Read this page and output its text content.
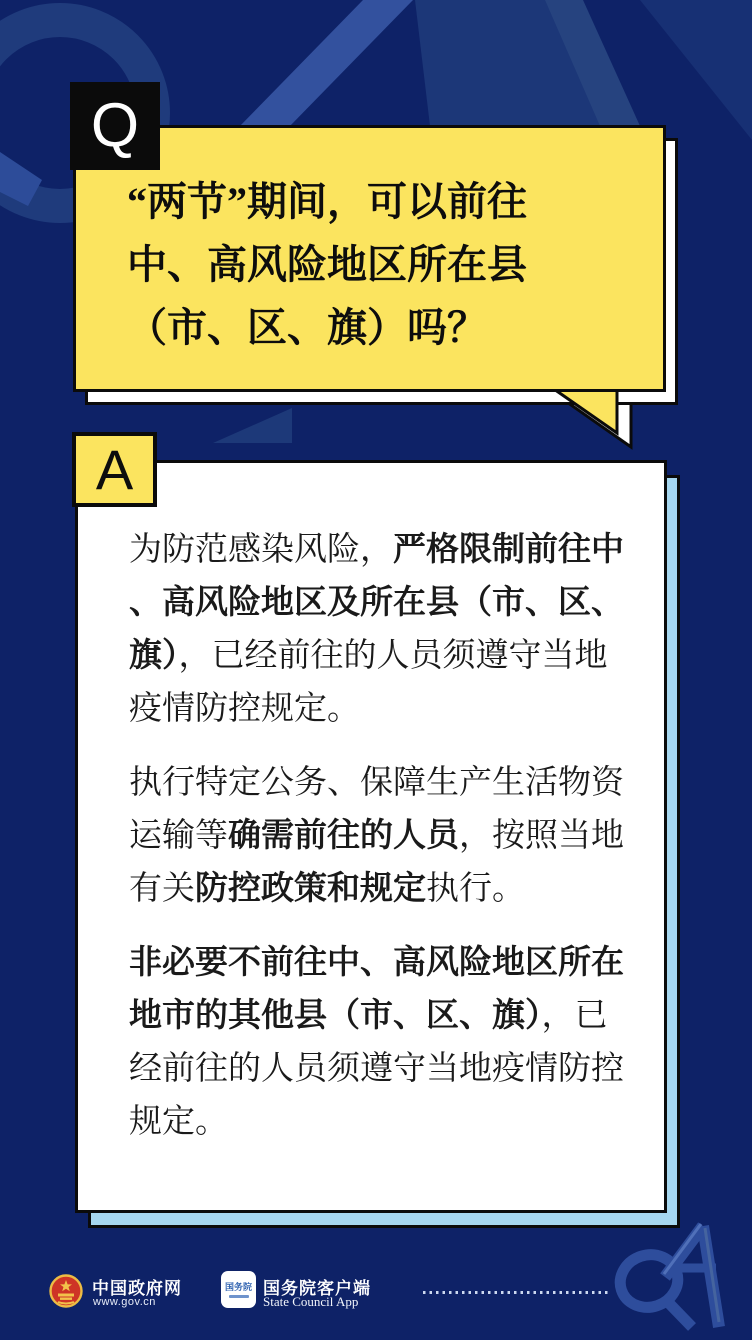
Q
“两节”期间，可以前往
中、高风险地区所在县
（市、区、旗）吗？
A

为防范感染风险，严格限制前往中、高风险地区及所在县（市、区、旗），已经前往的人员须遵守当地疫情防控规定。

执行特定公务、保障生产生活物资运输等确需前往的人员，按照当地有关防控政策和规定执行。

非必要不前往中、高风险地区所在地市的其他县（市、区、旗），已经前往的人员须遵守当地疫情防控规定。

中国政府网
www.gov.cn
国务院 国务院客户端
State Council App
